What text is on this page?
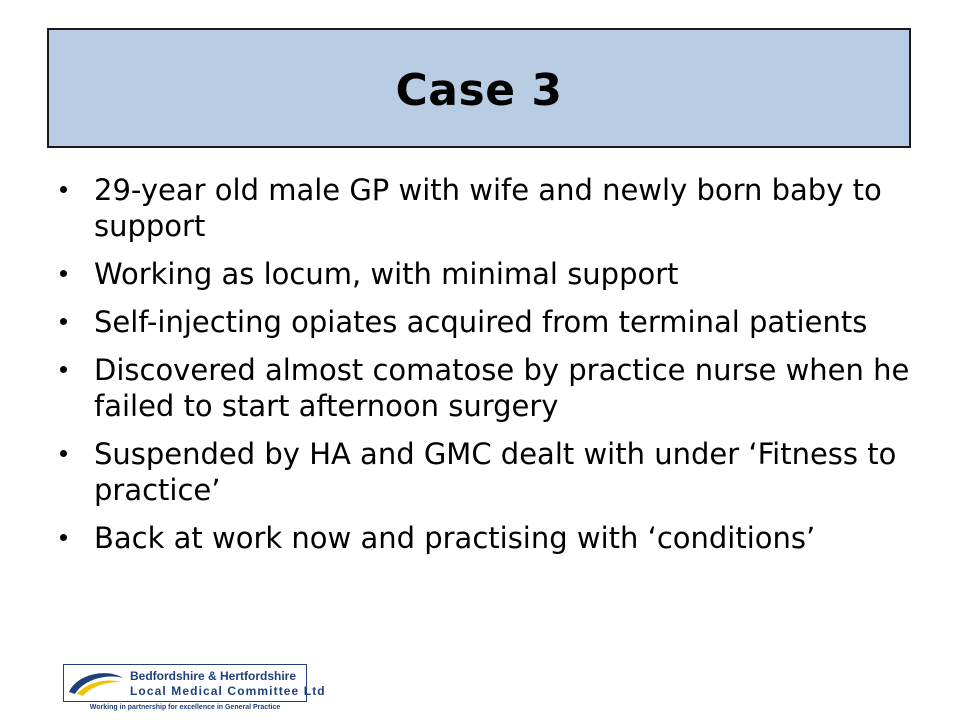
Case 3
29-year old male GP with wife and newly born baby to support
Working as locum, with minimal support
Self-injecting opiates acquired from terminal patients
Discovered almost comatose by practice nurse when he failed to start afternoon surgery
Suspended by HA and GMC dealt with under ‘Fitness to practice’
Back at work now and practising with ‘conditions’
Bedfordshire & Hertfordshire
Local Medical Committee Ltd
Working in partnership for excellence in General Practice
